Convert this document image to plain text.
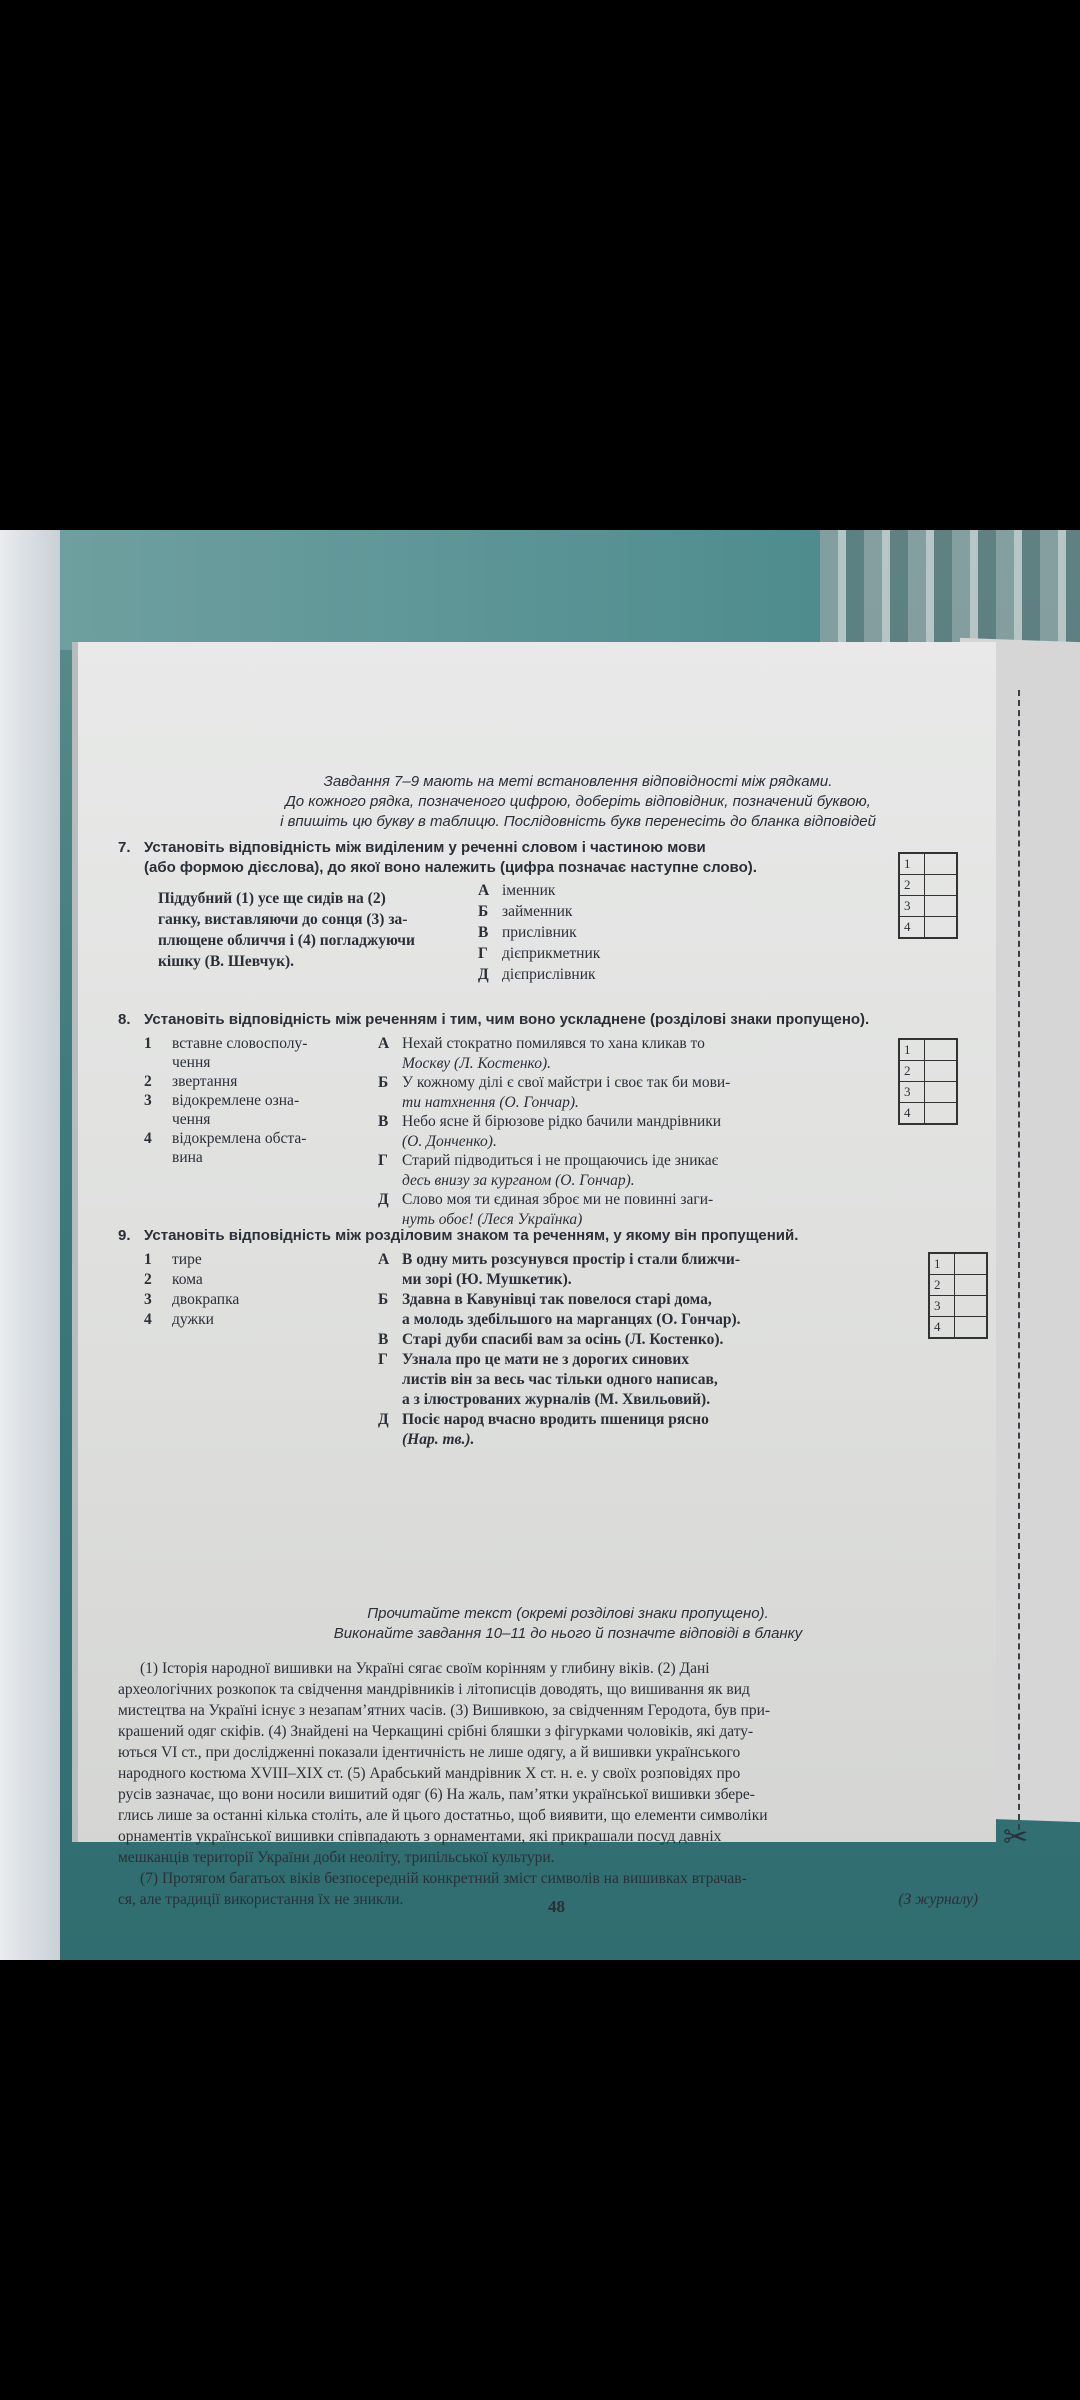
Завдання 7–9 мають на меті встановлення відповідності між рядками.
До кожного рядка, позначеного цифрою, доберіть відповідник, позначений буквою,
і впишіть цю букву в таблицю. Послідовність букв перенесіть до бланка відповідей
7. Установіть відповідність між виділеним у реченні словом і частиною мови
(або формою дієслова), до якої воно належить (цифра позначає наступне слово).
Піддубний (1) усе ще сидів на (2)
ганку, виставляючи до сонця (3) за-
плющене обличчя і (4) погладжуючи
кішку (В. Шевчук).
А іменник
Б займенник
В прислівник
Г дієприкметник
Д дієприслівник
1
2
3
4
8. Установіть відповідність між реченням і тим, чим воно ускладнене (розділові знаки пропущено).
1 вставне словосполу-
чення
2 звертання
3 відокремлене озна-
чення
4 відокремлена обста-
вина
А Нехай стократно помилявся то хана кликав то
Москву (Л. Костенко).
Б У кожному ділі є свої майстри і своє так би мови-
ти натхнення (О. Гончар).
В Небо ясне й бірюзове рідко бачили мандрівники
(О. Донченко).
Г Старий підводиться і не прощаючись іде зникає
десь внизу за курганом (О. Гончар).
Д Слово моя ти єдиная зброє ми не повинні заги-
нуть обоє! (Леся Українка)
1
2
3
4
9. Установіть відповідність між розділовим знаком та реченням, у якому він пропущений.
1 тире
2 кома
3 двокрапка
4 дужки
А В одну мить розсунувся простір і стали ближчи-
ми зорі (Ю. Мушкетик).
Б Здавна в Кавунівці так повелося старі дома,
а молодь здебільшого на марганцях (О. Гончар).
В Старі дуби спасибі вам за осінь (Л. Костенко).
Г Узнала про це мати не з дорогих синових
листів він за весь час тільки одного написав,
а з ілюстрованих журналів (М. Хвильовий).
Д Посіє народ вчасно вродить пшениця рясно
(Нар. тв.).
1
2
3
4
Прочитайте текст (окремі розділові знаки пропущено).
Виконайте завдання 10–11 до нього й позначте відповіді в бланку
(1) Історія народної вишивки на Україні сягає своїм корінням у глибину віків. (2) Дані
археологічних розкопок та свідчення мандрівників і літописців доводять, що вишивання як вид
мистецтва на Україні існує з незапам’ятних часів. (3) Вишивкою, за свідченням Геродота, був при-
крашений одяг скіфів. (4) Знайдені на Черкащині срібні бляшки з фігурками чоловіків, які дату-
ються VI ст., при дослідженні показали ідентичність не лише одягу, а й вишивки українського
народного костюма XVIII–XIX ст. (5) Арабський мандрівник X ст. н. е. у своїх розповідях про
русів зазначає, що вони носили вишитий одяг (6) На жаль, пам’ятки української вишивки збере-
глись лише за останні кілька століть, але й цього достатньо, щоб виявити, що елементи символіки
орнаментів української вишивки співпадають з орнаментами, які прикрашали посуд давніх
мешканців території України доби неоліту, трипільської культури.
(7) Протягом багатьох віків безпосередній конкретний зміст символів на вишивках втрачав-
ся, але традиції використання їх не зникли.	(З журналу)
48
✂
